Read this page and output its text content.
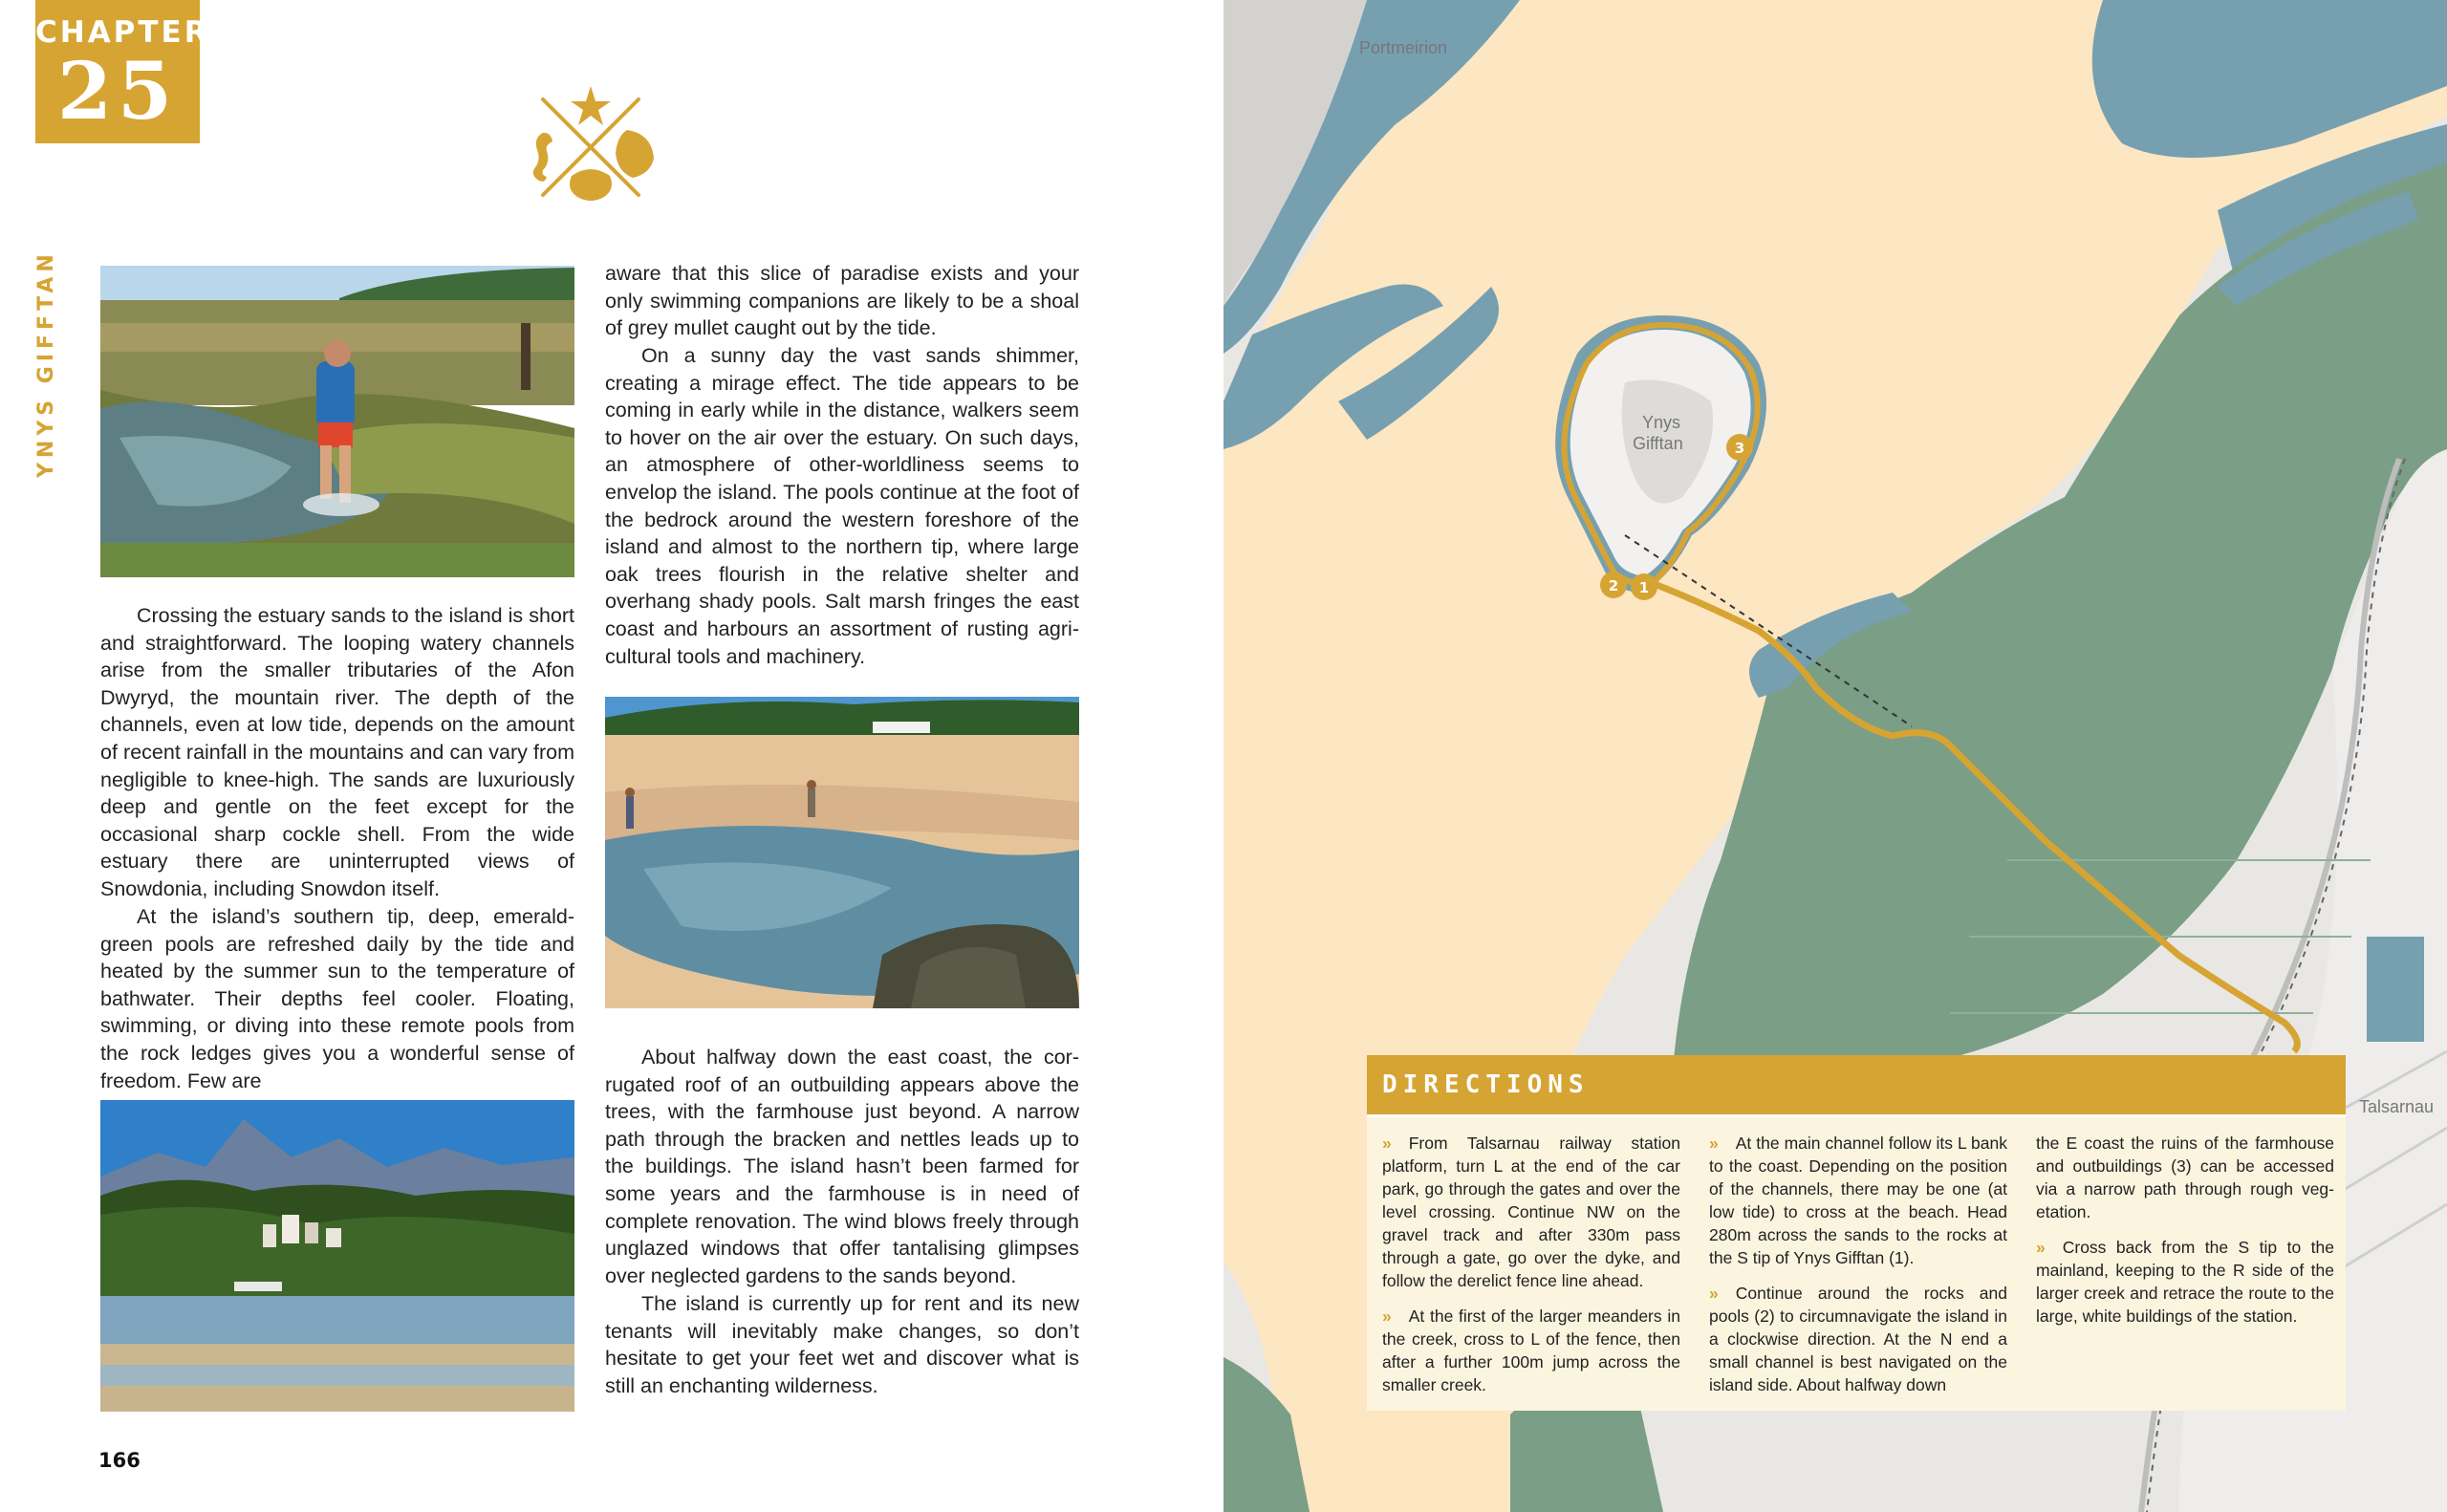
CHAPTER
25
YNYS GIFFTAN

Crossing the estuary sands to the island is short and straightforward. The looping watery channels arise from the smaller tributaries of the Afon Dwyryd, the mountain river. The depth of the channels, even at low tide, depends on the amount of recent rainfall in the mountains and can vary from negligible to knee-high. The sands are luxuriously deep and gentle on the feet except for the occasional sharp cockle shell. From the wide estuary there are uninterrupted views of Snowdonia, including Snowdon itself.

At the island’s southern tip, deep, emerald-green pools are refreshed daily by the tide and heated by the summer sun to the temperature of bathwater. Their depths feel cooler. Floating, swimming, or diving into these remote pools from the rock ledges gives you a wonderful sense of freedom. Few are

aware that this slice of paradise exists and your only swimming companions are likely to be a shoal of grey mullet caught out by the tide.

On a sunny day the vast sands shimmer, creating a mirage effect. The tide appears to be coming in early while in the distance, walkers seem to hover on the air over the estuary. On such days, an atmosphere of other-worldliness seems to envelop the island. The pools continue at the foot of the bedrock around the western foreshore of the island and almost to the northern tip, where large oak trees flourish in the relative shelter and overhang shady pools. Salt marsh fringes the east coast and harbours an assortment of rusting agricultural tools and machinery.

About halfway down the east coast, the corrugated roof of an outbuilding appears above the trees, with the farmhouse just beyond. A narrow path through the bracken and nettles leads up to the buildings. The island hasn’t been farmed for some years and the farmhouse is in need of complete renovation. The wind blows freely through unglazed windows that offer tantalising glimpses over neglected gardens to the sands beyond.

The island is currently up for rent and its new tenants will inevitably make changes, so don’t hesitate to get your feet wet and discover what is still an enchanting wilderness.

166
1
2
3
Portmeirion
Ynys
Gifftan
Talsarnau
DIRECTIONS

» From Talsarnau railway station platform, turn L at the end of the car park, go through the gates and over the level crossing. Continue NW on the gravel track and after 330m pass through a gate, go over the dyke, and follow the derelict fence line ahead.

» At the first of the larger meanders in the creek, cross to L of the fence, then after a further 100m jump across the smaller creek.

» At the main channel follow its L bank to the coast. Depending on the position of the channels, there may be one (at low tide) to cross at the beach. Head 280m across the sands to the rocks at the S tip of Ynys Gifftan (1).

» Continue around the rocks and pools (2) to circumnavigate the island in a clockwise direction. At the N end a small channel is best navigated on the island side. About halfway down

the E coast the ruins of the farmhouse and outbuildings (3) can be accessed via a narrow path through rough vegetation.

» Cross back from the S tip to the mainland, keeping to the R side of the larger creek and retrace the route to the large, white buildings of the station.
